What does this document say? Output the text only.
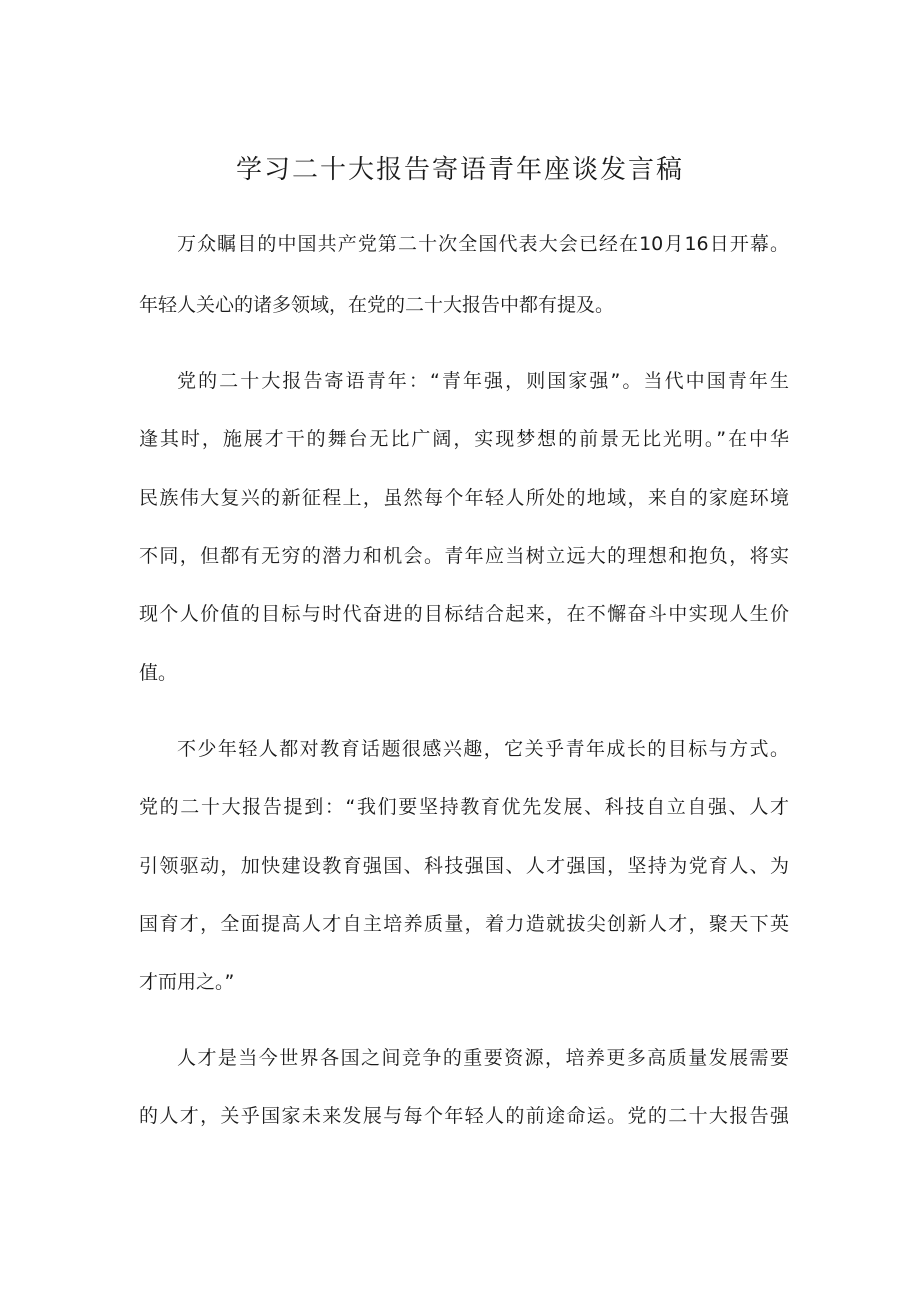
学习二十大报告寄语青年座谈发言稿

万众瞩目的中国共产党第二十次全国代表大会已经在10月16日开幕。

年轻人关心的诸多领域，在党的二十大报告中都有提及。

党的二十大报告寄语青年：“青年强，则国家强”。当代中国青年生

逢其时，施展才干的舞台无比广阔，实现梦想的前景无比光明。”在中华

民族伟大复兴的新征程上，虽然每个年轻人所处的地域，来自的家庭环境

不同，但都有无穷的潜力和机会。青年应当树立远大的理想和抱负，将实

现个人价值的目标与时代奋进的目标结合起来，在不懈奋斗中实现人生价

值。

不少年轻人都对教育话题很感兴趣，它关乎青年成长的目标与方式。

党的二十大报告提到：“我们要坚持教育优先发展、科技自立自强、人才

引领驱动，加快建设教育强国、科技强国、人才强国，坚持为党育人、为

国育才，全面提高人才自主培养质量，着力造就拔尖创新人才，聚天下英

才而用之。”

人才是当今世界各国之间竞争的重要资源，培养更多高质量发展需要

的人才，关乎国家未来发展与每个年轻人的前途命运。党的二十大报告强
